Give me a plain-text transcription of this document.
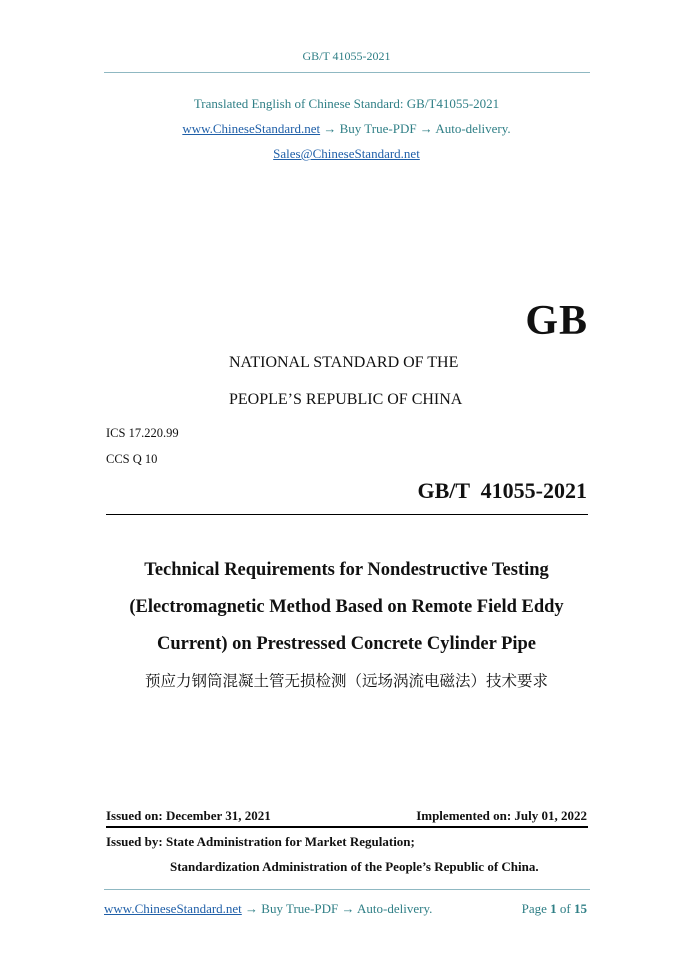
GB/T 41055-2021
Translated English of Chinese Standard: GB/T41055-2021
www.ChineseStandard.net → Buy True-PDF → Auto-delivery.
Sales@ChineseStandard.net
GB
NATIONAL STANDARD OF THE
PEOPLE’S REPUBLIC OF CHINA
ICS 17.220.99
CCS Q 10
GB/T  41055-2021
Technical Requirements for Nondestructive Testing
(Electromagnetic Method Based on Remote Field Eddy
Current) on Prestressed Concrete Cylinder Pipe
预应力钢筒混凝土管无损检测（远场涡流电磁法）技术要求
Issued on: December 31, 2021	Implemented on: July 01, 2022
Issued by: State Administration for Market Regulation;
Standardization Administration of the People’s Republic of China.
www.ChineseStandard.net → Buy True-PDF → Auto-delivery.	Page 1 of 15
